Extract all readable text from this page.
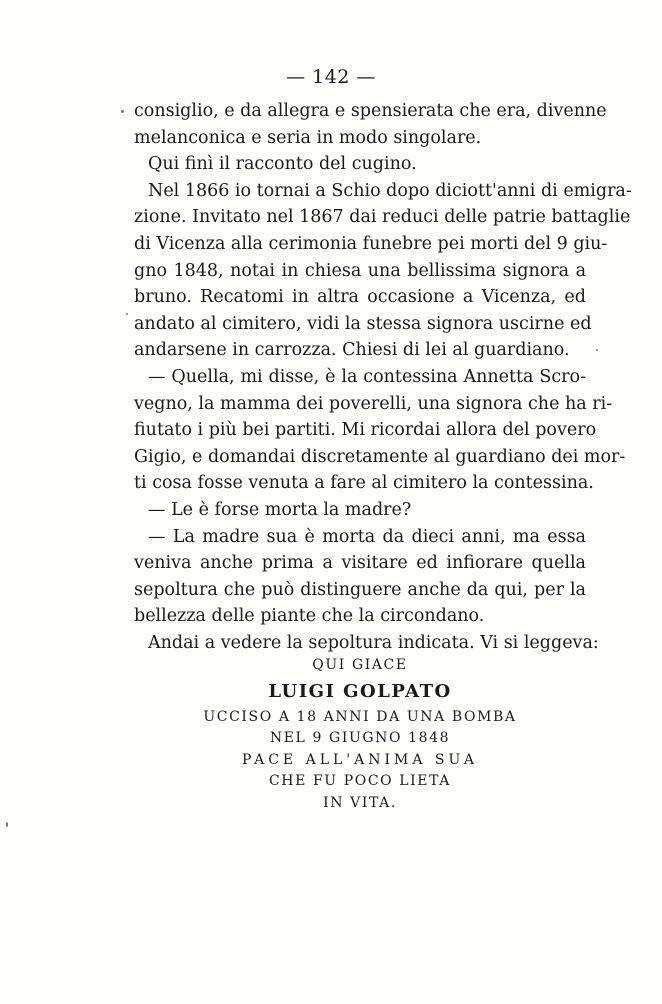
— 142 —
consiglio, e da allegra e spensierata che era, divenne
melanconica e seria in modo singolare.
Qui finì il racconto del cugino.
Nel 1866 io tornai a Schio dopo diciott'anni di emigra-
zione. Invitato nel 1867 dai reduci delle patrie battaglie
di Vicenza alla cerimonia funebre pei morti del 9 giu-
gno 1848, notai in chiesa una bellissima signora a
bruno. Recatomi in altra occasione a Vicenza, ed
andato al cimitero, vidi la stessa signora uscirne ed
andarsene in carrozza. Chiesi di lei al guardiano.
— Quella, mi disse, è la contessina Annetta Scro-
vegno, la mamma dei poverelli, una signora che ha ri-
fiutato i più bei partiti. Mi ricordai allora del povero
Gigio, e domandai discretamente al guardiano dei mor-
ti cosa fosse venuta a fare al cimitero la contessina.
— Le è forse morta la madre?
— La madre sua è morta da dieci anni, ma essa
veniva anche prima a visitare ed infiorare quella
sepoltura che può distinguere anche da qui, per la
bellezza delle piante che la circondano.
Andai a vedere la sepoltura indicata. Vi si leggeva:
QUI GIACE
LUIGI GOLPATO
UCCISO A 18 ANNI DA UNA BOMBA
NEL 9 GIUGNO 1848
PACE ALL'ANIMA SUA
CHE FU POCO LIETA
IN VITA.
